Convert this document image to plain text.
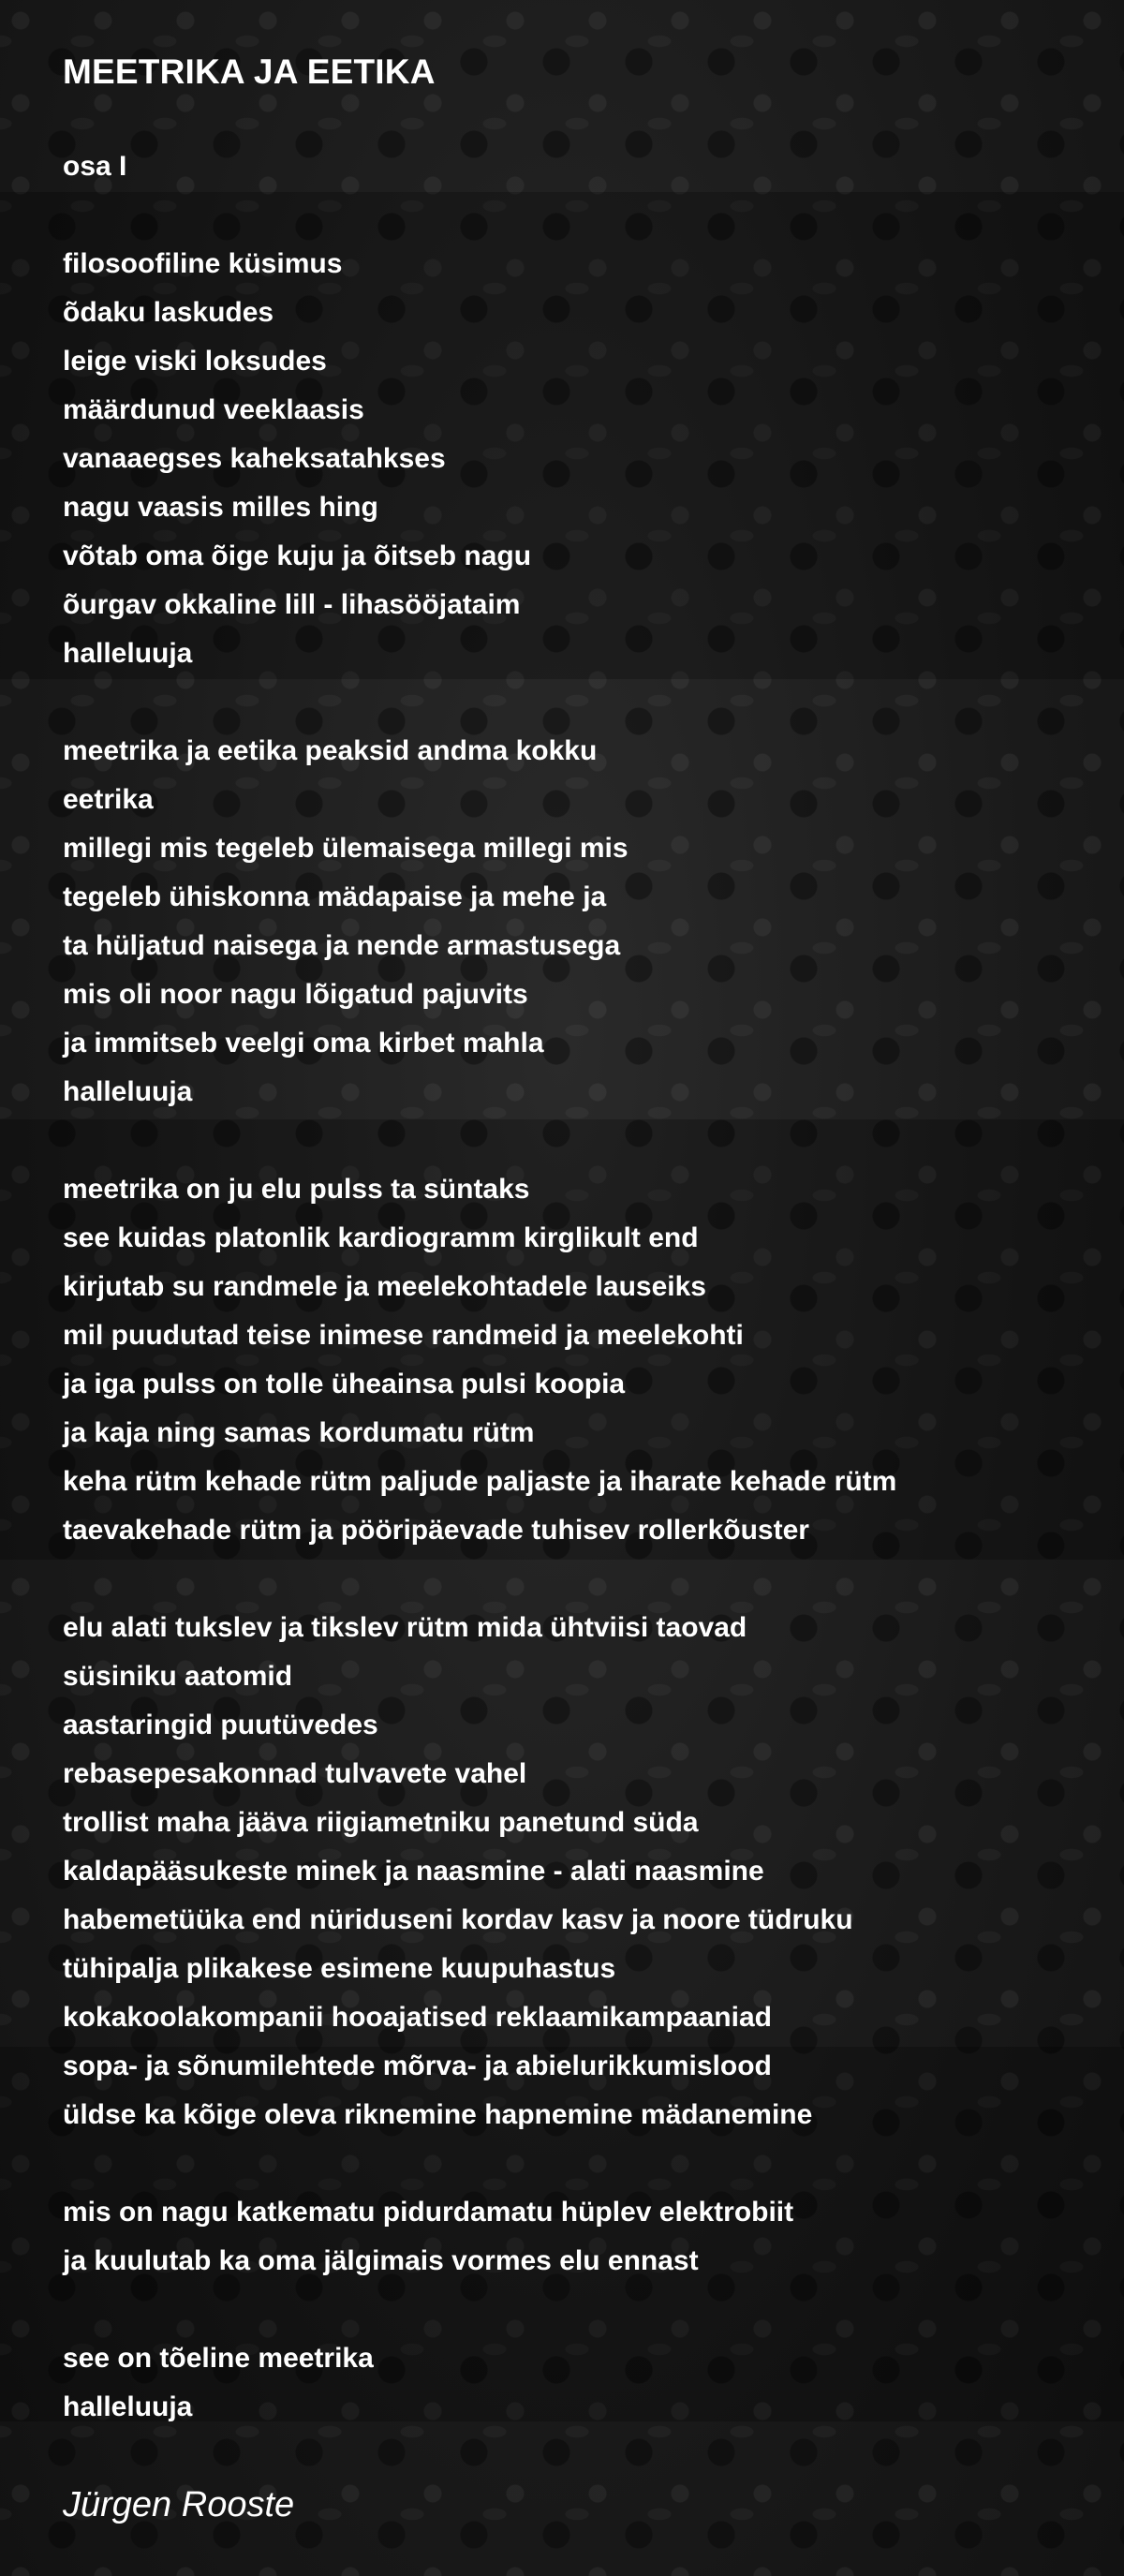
MEETRIKA JA EETIKA
osa I
filosoofiline küsimus
õdaku laskudes
leige viski loksudes
määrdunud veeklaasis
vanaaegses kaheksatahkses
nagu vaasis milles hing
võtab oma õige kuju ja õitseb nagu
õurgav okkaline lill - lihasööjataim
halleluuja
meetrika ja eetika peaksid andma kokku
eetrika
millegi mis tegeleb ülemaisega millegi mis
tegeleb ühiskonna mädapaise ja mehe ja
ta hüljatud naisega ja nende armastusega
mis oli noor nagu lõigatud pajuvits
ja immitseb veelgi oma kirbet mahla
halleluuja
meetrika on ju elu pulss ta süntaks
see kuidas platonlik kardiogramm kirglikult end
kirjutab su randmele ja meelekohtadele lauseiks
mil puudutad teise inimese randmeid ja meelekohti
ja iga pulss on tolle üheainsa pulsi koopia
ja kaja ning samas kordumatu rütm
keha rütm kehade rütm paljude paljaste ja iharate kehade rütm
taevakehade rütm ja pööripäevade tuhisev rollerkõuster
elu alati tukslev ja tikslev rütm mida ühtviisi taovad
süsiniku aatomid
aastaringid puutüvedes
rebasepesakonnad tulvavete vahel
trollist maha jääva riigiametniku panetund süda
kaldapääsukeste minek ja naasmine - alati naasmine
habemetüüka end nüriduseni kordav kasv ja noore tüdruku
tühipalja plikakese esimene kuupuhastus
kokakoolakompanii hooajatised reklaamikampaaniad
sopa- ja sõnumilehtede mõrva- ja abielurikkumislood
üldse ka kõige oleva riknemine hapnemine mädanemine
mis on nagu katkematu pidurdamatu hüplev elektrobiit
ja kuulutab ka oma jälgimais vormes elu ennast
see on tõeline meetrika
halleluuja
Jürgen Rooste
